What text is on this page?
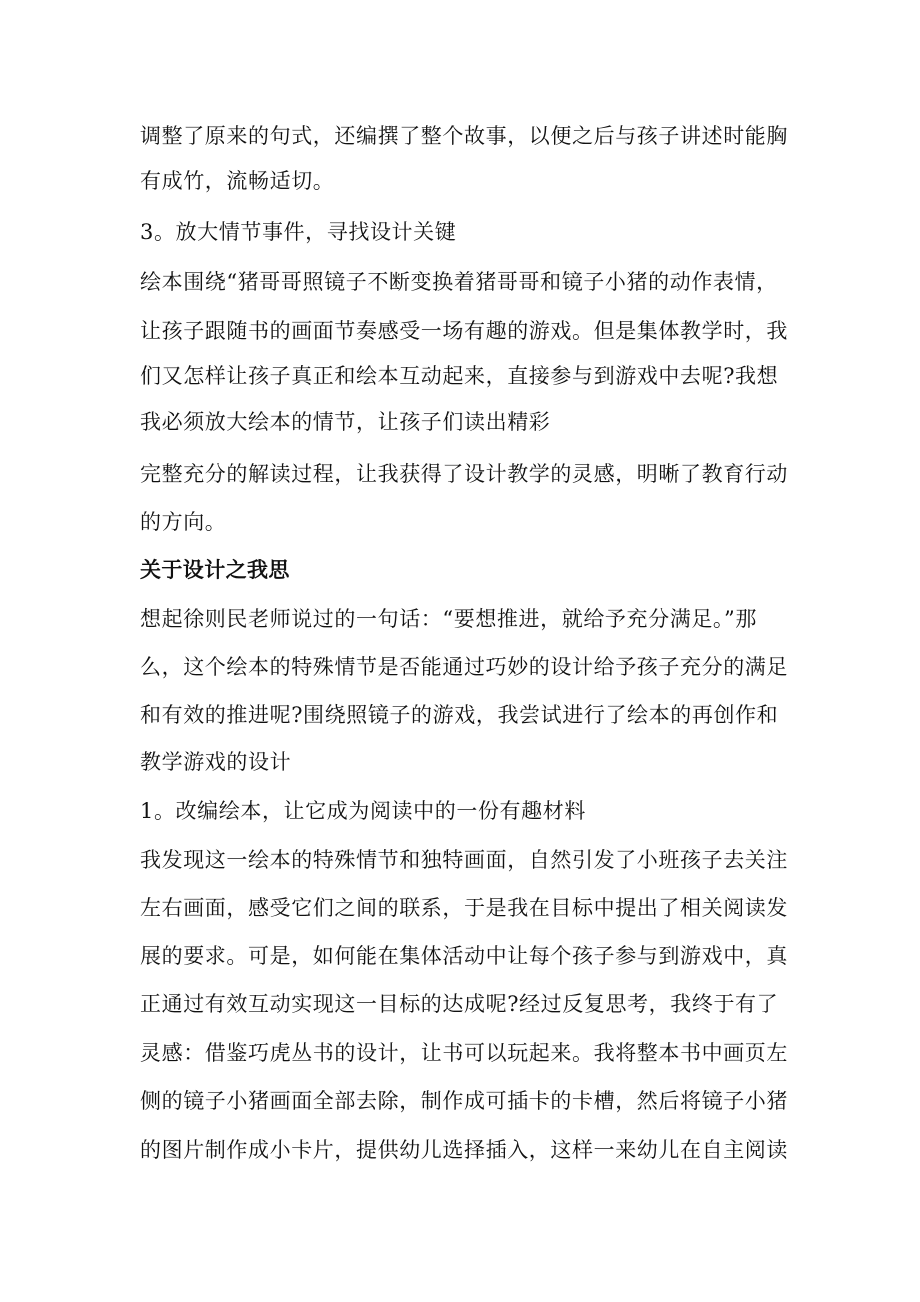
调整了原来的句式，还编撰了整个故事，以便之后与孩子讲述时能胸
有成竹，流畅适切。
3。放大情节事件，寻找设计关键
绘本围绕“猪哥哥照镜子不断变换着猪哥哥和镜子小猪的动作表情，
让孩子跟随书的画面节奏感受一场有趣的游戏。但是集体教学时，我
们又怎样让孩子真正和绘本互动起来，直接参与到游戏中去呢?我想
我必须放大绘本的情节，让孩子们读出精彩
完整充分的解读过程，让我获得了设计教学的灵感，明晰了教育行动
的方向。
关于设计之我思
想起徐则民老师说过的一句话：“要想推进，就给予充分满足。”那
么，这个绘本的特殊情节是否能通过巧妙的设计给予孩子充分的满足
和有效的推进呢?围绕照镜子的游戏，我尝试进行了绘本的再创作和
教学游戏的设计
1。改编绘本，让它成为阅读中的一份有趣材料
我发现这一绘本的特殊情节和独特画面，自然引发了小班孩子去关注
左右画面，感受它们之间的联系，于是我在目标中提出了相关阅读发
展的要求。可是，如何能在集体活动中让每个孩子参与到游戏中，真
正通过有效互动实现这一目标的达成呢?经过反复思考，我终于有了
灵感：借鉴巧虎丛书的设计，让书可以玩起来。我将整本书中画页左
侧的镜子小猪画面全部去除，制作成可插卡的卡槽，然后将镜子小猪
的图片制作成小卡片，提供幼儿选择插入，这样一来幼儿在自主阅读
